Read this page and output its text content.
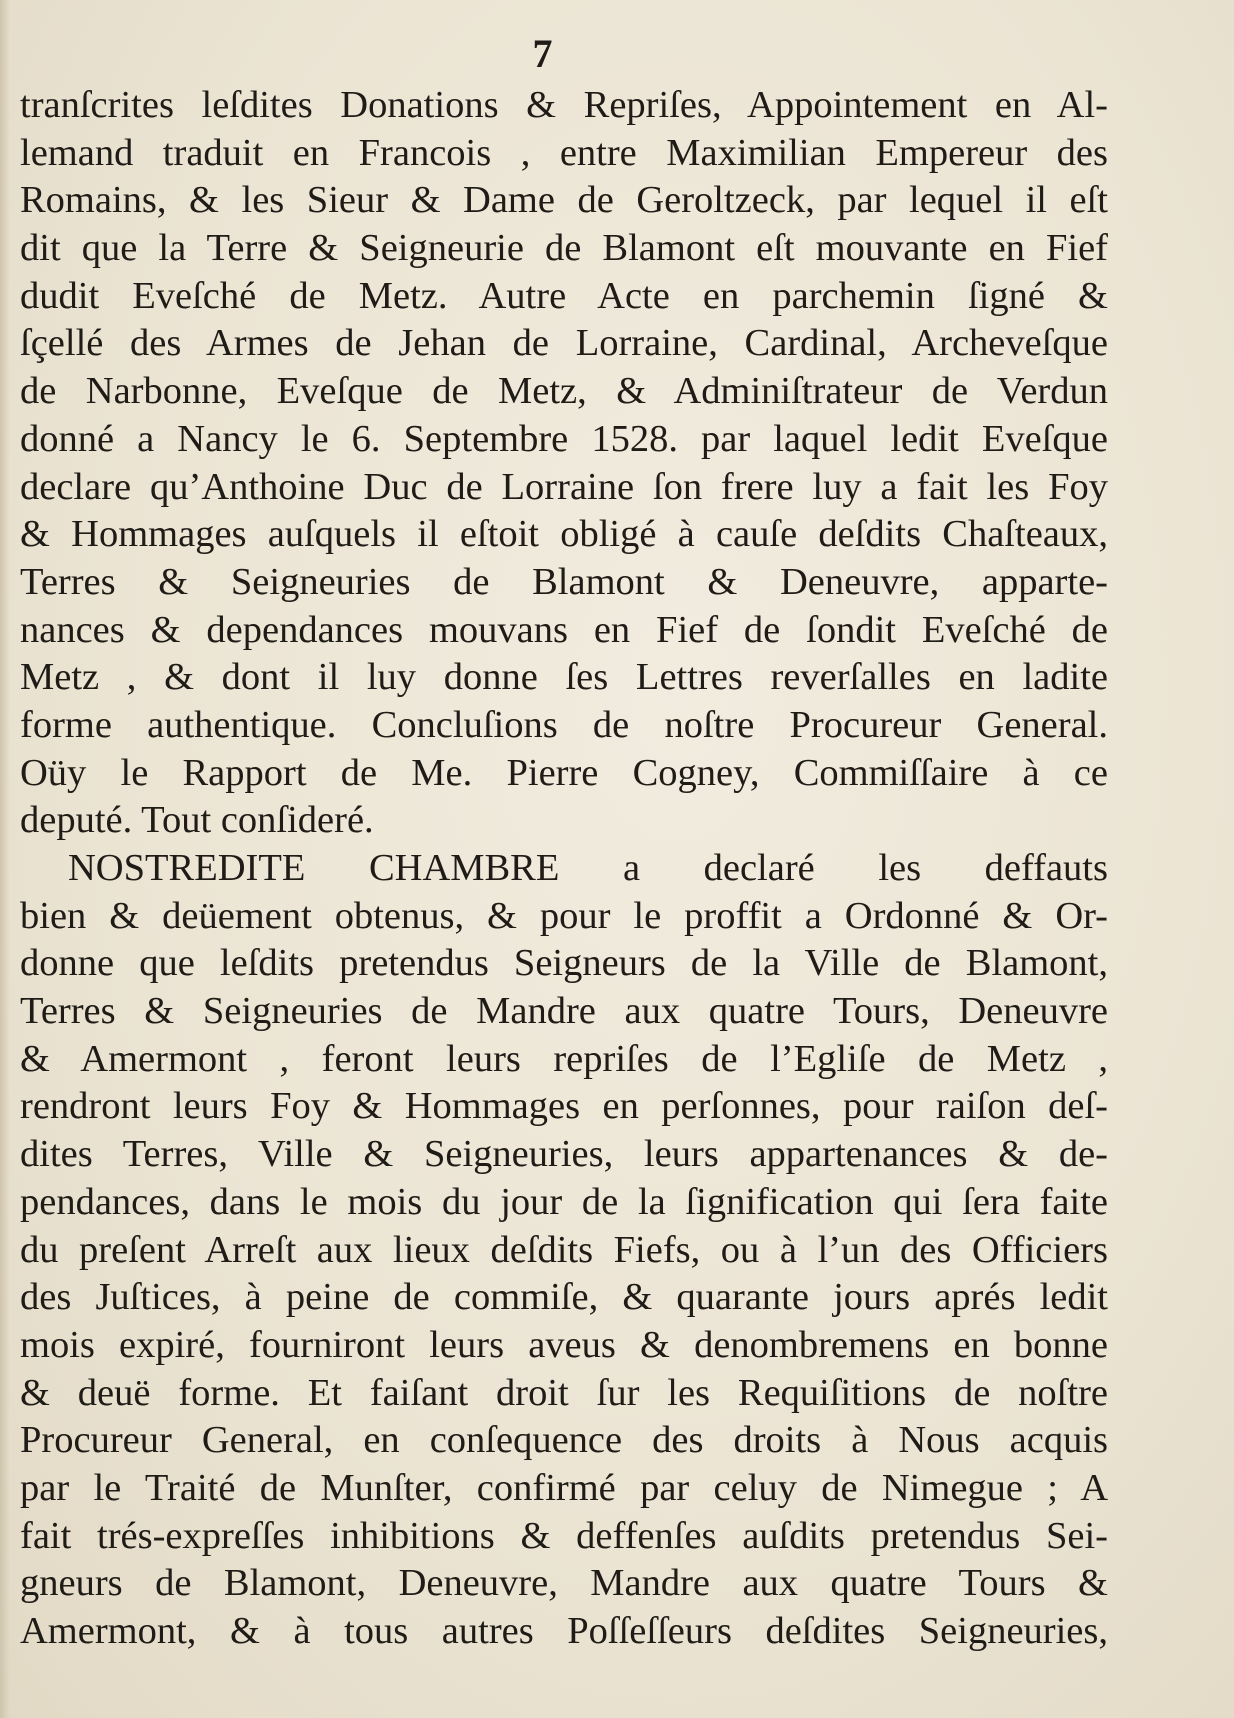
7
tranſcrites leſdites Donations & Repriſes, Appointement en Al-
lemand traduit en Francois , entre Maximilian Empereur des
Romains, & les Sieur & Dame de Geroltzeck, par lequel il eſt
dit que la Terre & Seigneurie de Blamont eſt mouvante en Fief
dudit Eveſché de Metz. Autre Acte en parchemin ſigné &
ſçellé des Armes de Jehan de Lorraine, Cardinal, Archeveſque
de Narbonne, Eveſque de Metz, & Adminiſtrateur de Verdun
donné a Nancy le 6. Septembre 1528. par laquel ledit Eveſque
declare qu’Anthoine Duc de Lorraine ſon frere luy a fait les Foy
& Hommages auſquels il eſtoit obligé à cauſe deſdits Chaſteaux,
Terres & Seigneuries de Blamont & Deneuvre, apparte-
nances & dependances mouvans en Fief de ſondit Eveſché de
Metz , & dont il luy donne ſes Lettres reverſalles en ladite
forme authentique. Concluſions de noſtre Procureur General.
Oüy le Rapport de Me. Pierre Cogney, Commiſſaire à ce
deputé. Tout conſideré.
NOSTREDITE CHAMBRE a declaré les deffauts
bien & deüement obtenus, & pour le proffit a Ordonné & Or-
donne que leſdits pretendus Seigneurs de la Ville de Blamont,
Terres & Seigneuries de Mandre aux quatre Tours, Deneuvre
& Amermont , feront leurs repriſes de l’Egliſe de Metz ,
rendront leurs Foy & Hommages en perſonnes, pour raiſon deſ-
dites Terres, Ville & Seigneuries, leurs appartenances & de-
pendances, dans le mois du jour de la ſignification qui ſera faite
du preſent Arreſt aux lieux deſdits Fiefs, ou à l’un des Officiers
des Juſtices, à peine de commiſe, & quarante jours aprés ledit
mois expiré, fourniront leurs aveus & denombremens en bonne
& deuë forme. Et faiſant droit ſur les Requiſitions de noſtre
Procureur General, en conſequence des droits à Nous acquis
par le Traité de Munſter, confirmé par celuy de Nimegue ; A
fait trés-expreſſes inhibitions & deffenſes auſdits pretendus Sei-
gneurs de Blamont, Deneuvre, Mandre aux quatre Tours &
Amermont, & à tous autres Poſſeſſeurs deſdites Seigneuries,
